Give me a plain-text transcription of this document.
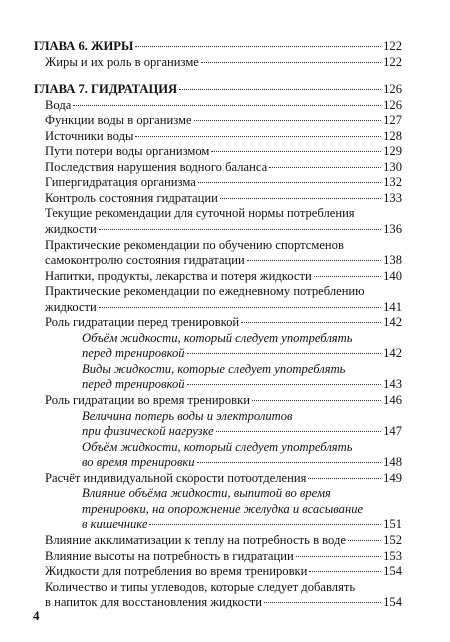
ГЛАВА 6. ЖИРЫ	122
Жиры и их роль в организме	122
ГЛАВА 7. ГИДРАТАЦИЯ	126
Вода	126
Функции воды в организме	127
Источники воды	128
Пути потери воды организмом	129
Последствия нарушения водного баланса	130
Гипергидратация организма	132
Контроль состояния гидратации	133
Текущие рекомендации для суточной нормы потребления
жидкости	136
Практические рекомендации по обучению спортсменов
самоконтролю состояния гидратации	138
Напитки, продукты, лекарства и потеря жидкости	140
Практические рекомендации по ежедневному потреблению
жидкости	141
Роль гидратации перед тренировкой	142
Объём жидкости, который следует употреблять
перед тренировкой	142
Виды жидкости, которые следует употреблять
перед тренировкой	143
Роль гидратации во время тренировки	146
Величина потерь воды и электролитов
при физической нагрузке	147
Объём жидкости, который следует употреблять
во время тренировки	148
Расчёт индивидуальной скорости потоотделения	149
Влияние объёма жидкости, выпитой во время
тренировки, на опорожнение желудка и всасывание
в кишечнике	151
Влияние акклиматизации к теплу на потребность в воде	152
Влияние высоты на потребность в гидратации	153
Жидкости для потребления во время тренировки	154
Количество и типы углеводов, которые следует добавлять
в напиток для восстановления жидкости	154
4
